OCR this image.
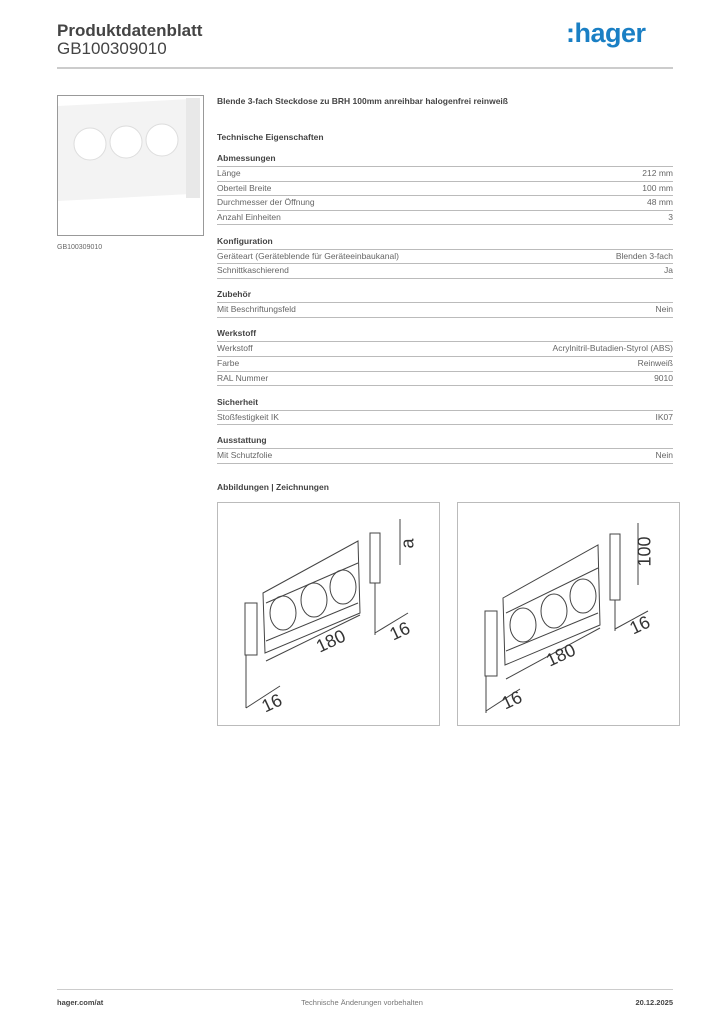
Produktdatenblatt
GB100309010
:hager
GB100309010
Blende 3-fach Steckdose zu BRH 100mm anreihbar halogenfrei reinweiß
Technische Eigenschaften
Abmessungen
Länge	212 mm
Oberteil Breite	100 mm
Durchmesser der Öffnung	48 mm
Anzahl Einheiten	3
Konfiguration
Geräteart (Geräteblende für Geräteeinbaukanal)	Blenden 3-fach
Schnittkaschierend	Ja
Zubehör
Mit Beschriftungsfeld	Nein
Werkstoff
Werkstoff	Acrylnitril-Butadien-Styrol (ABS)
Farbe	Reinweiß
RAL Nummer	9010
Sicherheit
Stoßfestigkeit IK	IK07
Ausstattung
Mit Schutzfolie	Nein
Abbildungen | Zeichnungen
180
a
16
16
100
180
16
16
hager.com/at	Technische Änderungen vorbehalten	20.12.2025
